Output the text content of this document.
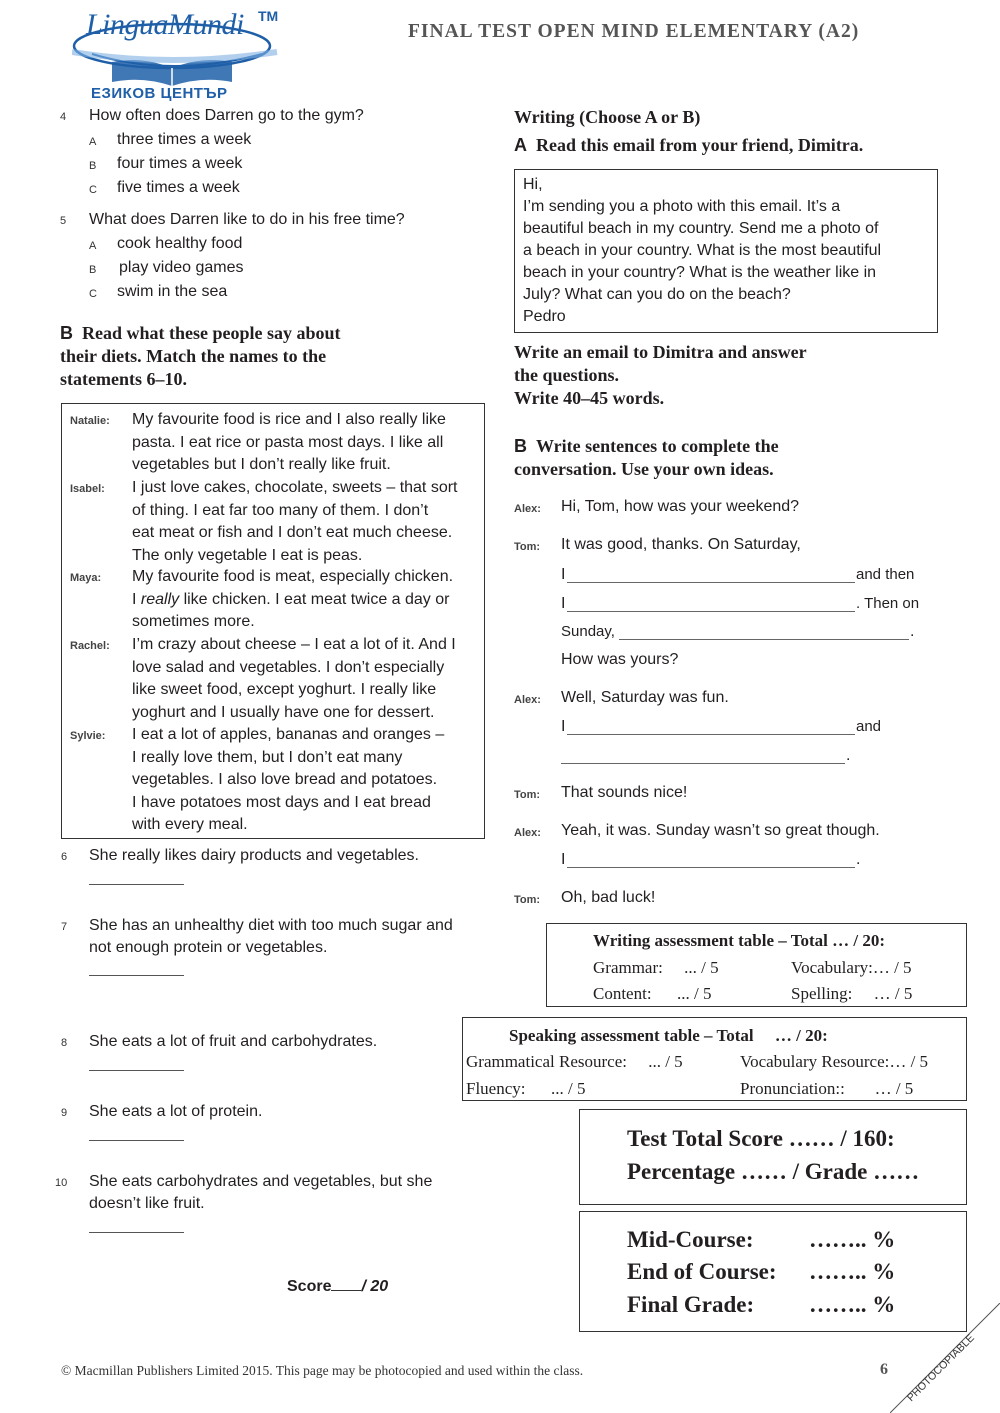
LinguaMundi TM
ЕЗИКОВ ЦЕНТЪР
FINAL TEST OPEN MIND ELEMENTARY (A2)
4 How often does Darren go to the gym?
A three times a week
B four times a week
C five times a week
5 What does Darren like to do in his free time?
A cook healthy food
B play video games
C swim in the sea
B Read what these people say about
their diets. Match the names to the
statements 6–10.
Natalie: My favourite food is rice and I also really like
pasta. I eat rice or pasta most days. I like all
vegetables but I don’t really like fruit.
Isabel: I just love cakes, chocolate, sweets – that sort
of thing. I eat far too many of them. I don’t
eat meat or fish and I don’t eat much cheese.
The only vegetable I eat is peas.
Maya: My favourite food is meat, especially chicken.
I really like chicken. I eat meat twice a day or
sometimes more.
Rachel: I’m crazy about cheese – I eat a lot of it. And I
love salad and vegetables. I don’t especially
like sweet food, except yoghurt. I really like
yoghurt and I usually have one for dessert.
Sylvie: I eat a lot of apples, bananas and oranges –
I really love them, but I don’t eat many
vegetables. I also love bread and potatoes.
I have potatoes most days and I eat bread
with every meal.
6 She really likes dairy products and vegetables.
7 She has an unhealthy diet with too much sugar and
not enough protein or vegetables.
8 She eats a lot of fruit and carbohydrates.
9 She eats a lot of protein.
10 She eats carbohydrates and vegetables, but she
doesn’t like fruit.
Score / 20
Writing (Choose A or B)
A Read this email from your friend, Dimitra.
Hi,
I’m sending you a photo with this email. It’s a
beautiful beach in my country. Send me a photo of
a beach in your country. What is the most beautiful
beach in your country? What is the weather like in
July? What can you do on the beach?
Pedro
Write an email to Dimitra and answer
the questions.
Write 40–45 words.
B Write sentences to complete the
conversation. Use your own ideas.
Alex: Hi, Tom, how was your weekend?
Tom: It was good, thanks. On Saturday,
I	and then
I	. Then on
Sunday,	.
How was yours?
Alex: Well, Saturday was fun.
I	and
.
Tom: That sounds nice!
Alex: Yeah, it was. Sunday wasn’t so great though.
I	.
Tom: Oh, bad luck!
Writing assessment table – Total … / 20:
Grammar:     ... / 5	Vocabulary:… / 5
Content:      ... / 5	Spelling:     … / 5
Speaking assessment table – Total     … / 20:
Grammatical Resource:     ... / 5	Vocabulary Resource:… / 5
Fluency:      ... / 5	Pronunciation::       … / 5
Test Total Score …… / 160:
Percentage …… / Grade ……
Mid-Course: …….. %
End of Course: …….. %
Final Grade: …….. %
© Macmillan Publishers Limited 2015. This page may be photocopied and used within the class.	6 PHOTOCOPIABLE
